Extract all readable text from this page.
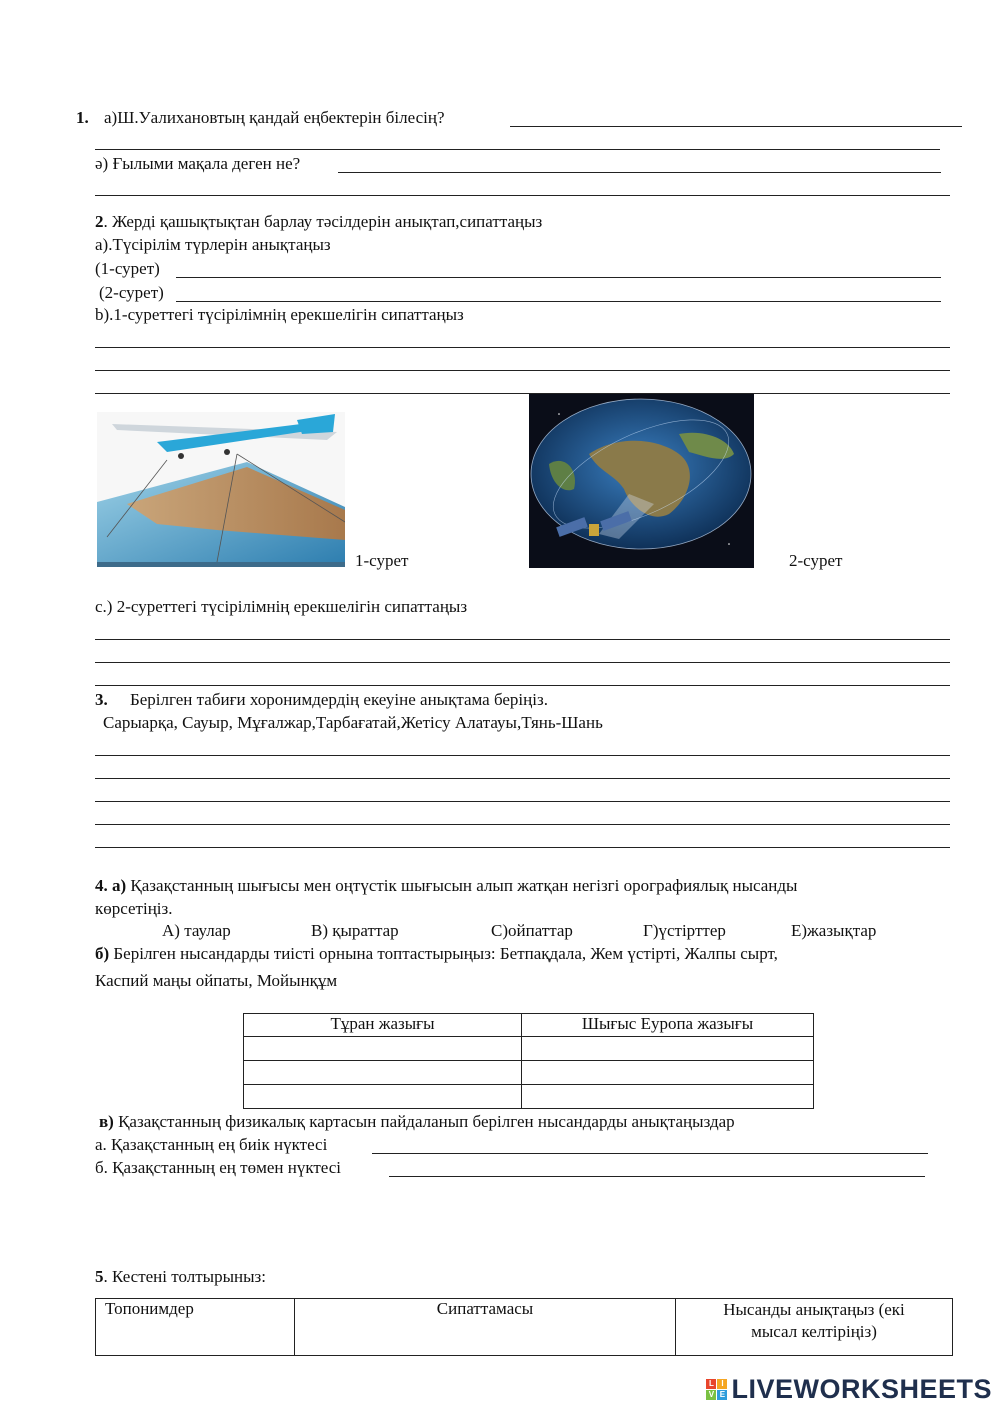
1. а)Ш.Уалихановтың қандай еңбектерін білесің?
ә) Ғылыми мақала деген не?
2. Жерді қашықтықтан барлау тәсілдерін анықтап,сипаттаңыз
а).Түсірілім түрлерін анықтаңыз
(1-сурет)
(2-сурет)
b).1-суреттегі түсірілімнің ерекшелігін сипаттаңыз
1-сурет	2-сурет
c.) 2-суреттегі түсірілімнің ерекшелігін сипаттаңыз
3. Берілген табиғи хоронимдердің екеуіне анықтама беріңіз.
Сарыарқа, Сауыр, Мұғалжар,Тарбағатай,Жетісу Алатауы,Тянь-Шань
4. а) Қазақстанның шығысы мен оңтүстік шығысын алып жатқан негізгі орографиялық нысанды
көрсетіңіз.
А) таулар	В) қыраттар	С)ойпаттар	Г)үстірттер	Е)жазықтар
б) Берілген нысандарды тиісті орнына топтастырыңыз: Бетпақдала, Жем үстірті, Жалпы сырт,
Каспий маңы ойпаты, Мойынқұм
Тұран жазығы	Шығыс Еуропа жазығы

в) Қазақстанның физикалық картасын пайдаланып берілген нысандарды анықтаңыздар
а. Қазақстанның ең биік нүктесі
б. Қазақстанның ең төмен нүктесі
5. Кестені толтырыныз:
Топонимдер	Сипаттамасы	Нысанды анықтаңыз (екі мысал келтіріңіз)
L I
V E LIVEWORKSHEETS
